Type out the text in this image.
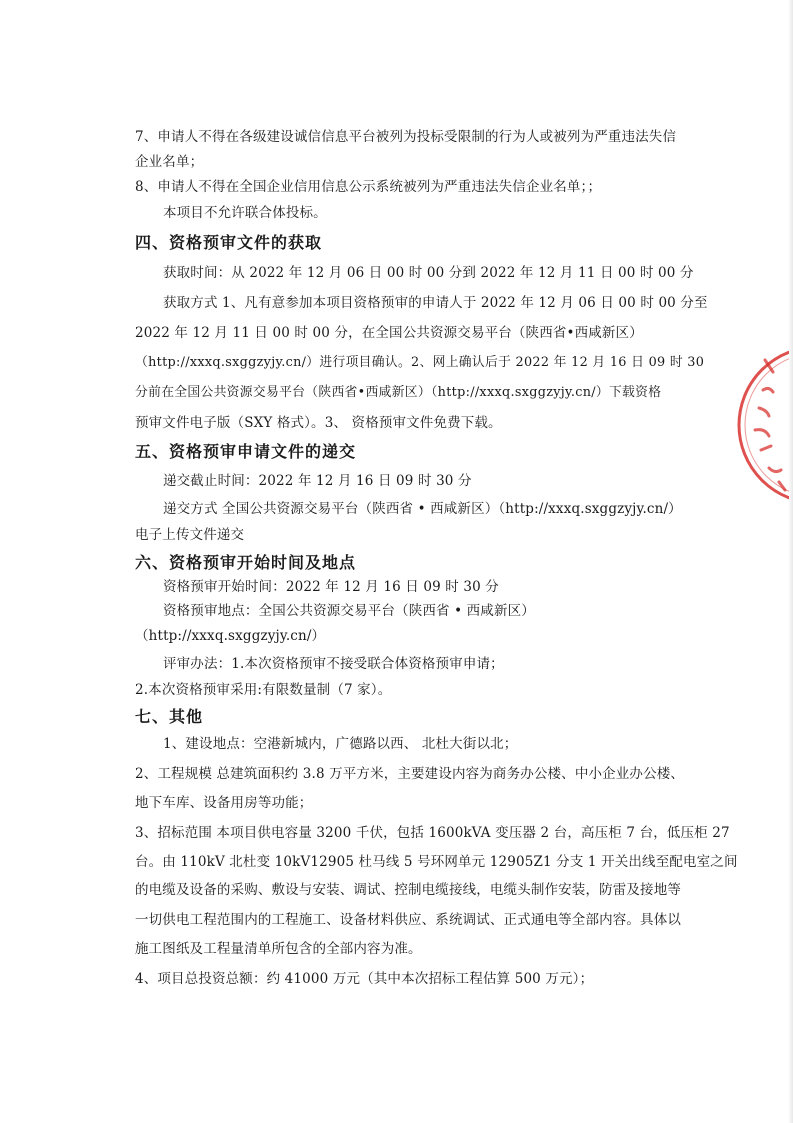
7、申请人不得在各级建设诚信信息平台被列为投标受限制的行为人或被列为严重违法失信
企业名单；
8、申请人不得在全国企业信用信息公示系统被列为严重违法失信企业名单；；
本项目不允许联合体投标。
四、资格预审文件的获取
获取时间：从 2022 年 12 月 06 日 00 时 00 分到 2022 年 12 月 11 日 00 时 00 分
获取方式 1、凡有意参加本项目资格预审的申请人于 2022 年 12 月 06 日 00 时 00 分至
2022 年 12 月 11 日 00 时 00 分，在全国公共资源交易平台（陕西省•西咸新区）
（http://xxxq.sxggzyjy.cn/）进行项目确认。2、网上确认后于 2022 年 12 月 16 日 09 时 30
分前在全国公共资源交易平台（陕西省•西咸新区）（http://xxxq.sxggzyjy.cn/）下载资格
预审文件电子版（SXY 格式）。3、 资格预审文件免费下载。
五、资格预审申请文件的递交
递交截止时间：2022 年 12 月 16 日 09 时 30 分
递交方式 全国公共资源交易平台（陕西省 • 西咸新区）（http://xxxq.sxggzyjy.cn/）
电子上传文件递交
六、资格预审开始时间及地点
资格预审开始时间：2022 年 12 月 16 日 09 时 30 分
资格预审地点：全国公共资源交易平台（陕西省 • 西咸新区）
（http://xxxq.sxggzyjy.cn/）
评审办法：1.本次资格预审不接受联合体资格预审申请；
2.本次资格预审采用:有限数量制（7 家）。
七、其他
1、建设地点：空港新城内，广德路以西、 北杜大街以北；
2、工程规模 总建筑面积约 3.8 万平方米，主要建设内容为商务办公楼、中小企业办公楼、
地下车库、设备用房等功能；
3、招标范围 本项目供电容量 3200 千伏，包括 1600kVA 变压器 2 台，高压柜 7 台，低压柜 27
台。由 110kV 北杜变 10kV12905 杜马线 5 号环网单元 12905Z1 分支 1 开关出线至配电室之间
的电缆及设备的采购、敷设与安装、调试、控制电缆接线，电缆头制作安装，防雷及接地等
一切供电工程范围内的工程施工、设备材料供应、系统调试、正式通电等全部内容。具体以
施工图纸及工程量清单所包含的全部内容为准。
4、项目总投资总额：约 41000 万元（其中本次招标工程估算 500 万元）；
